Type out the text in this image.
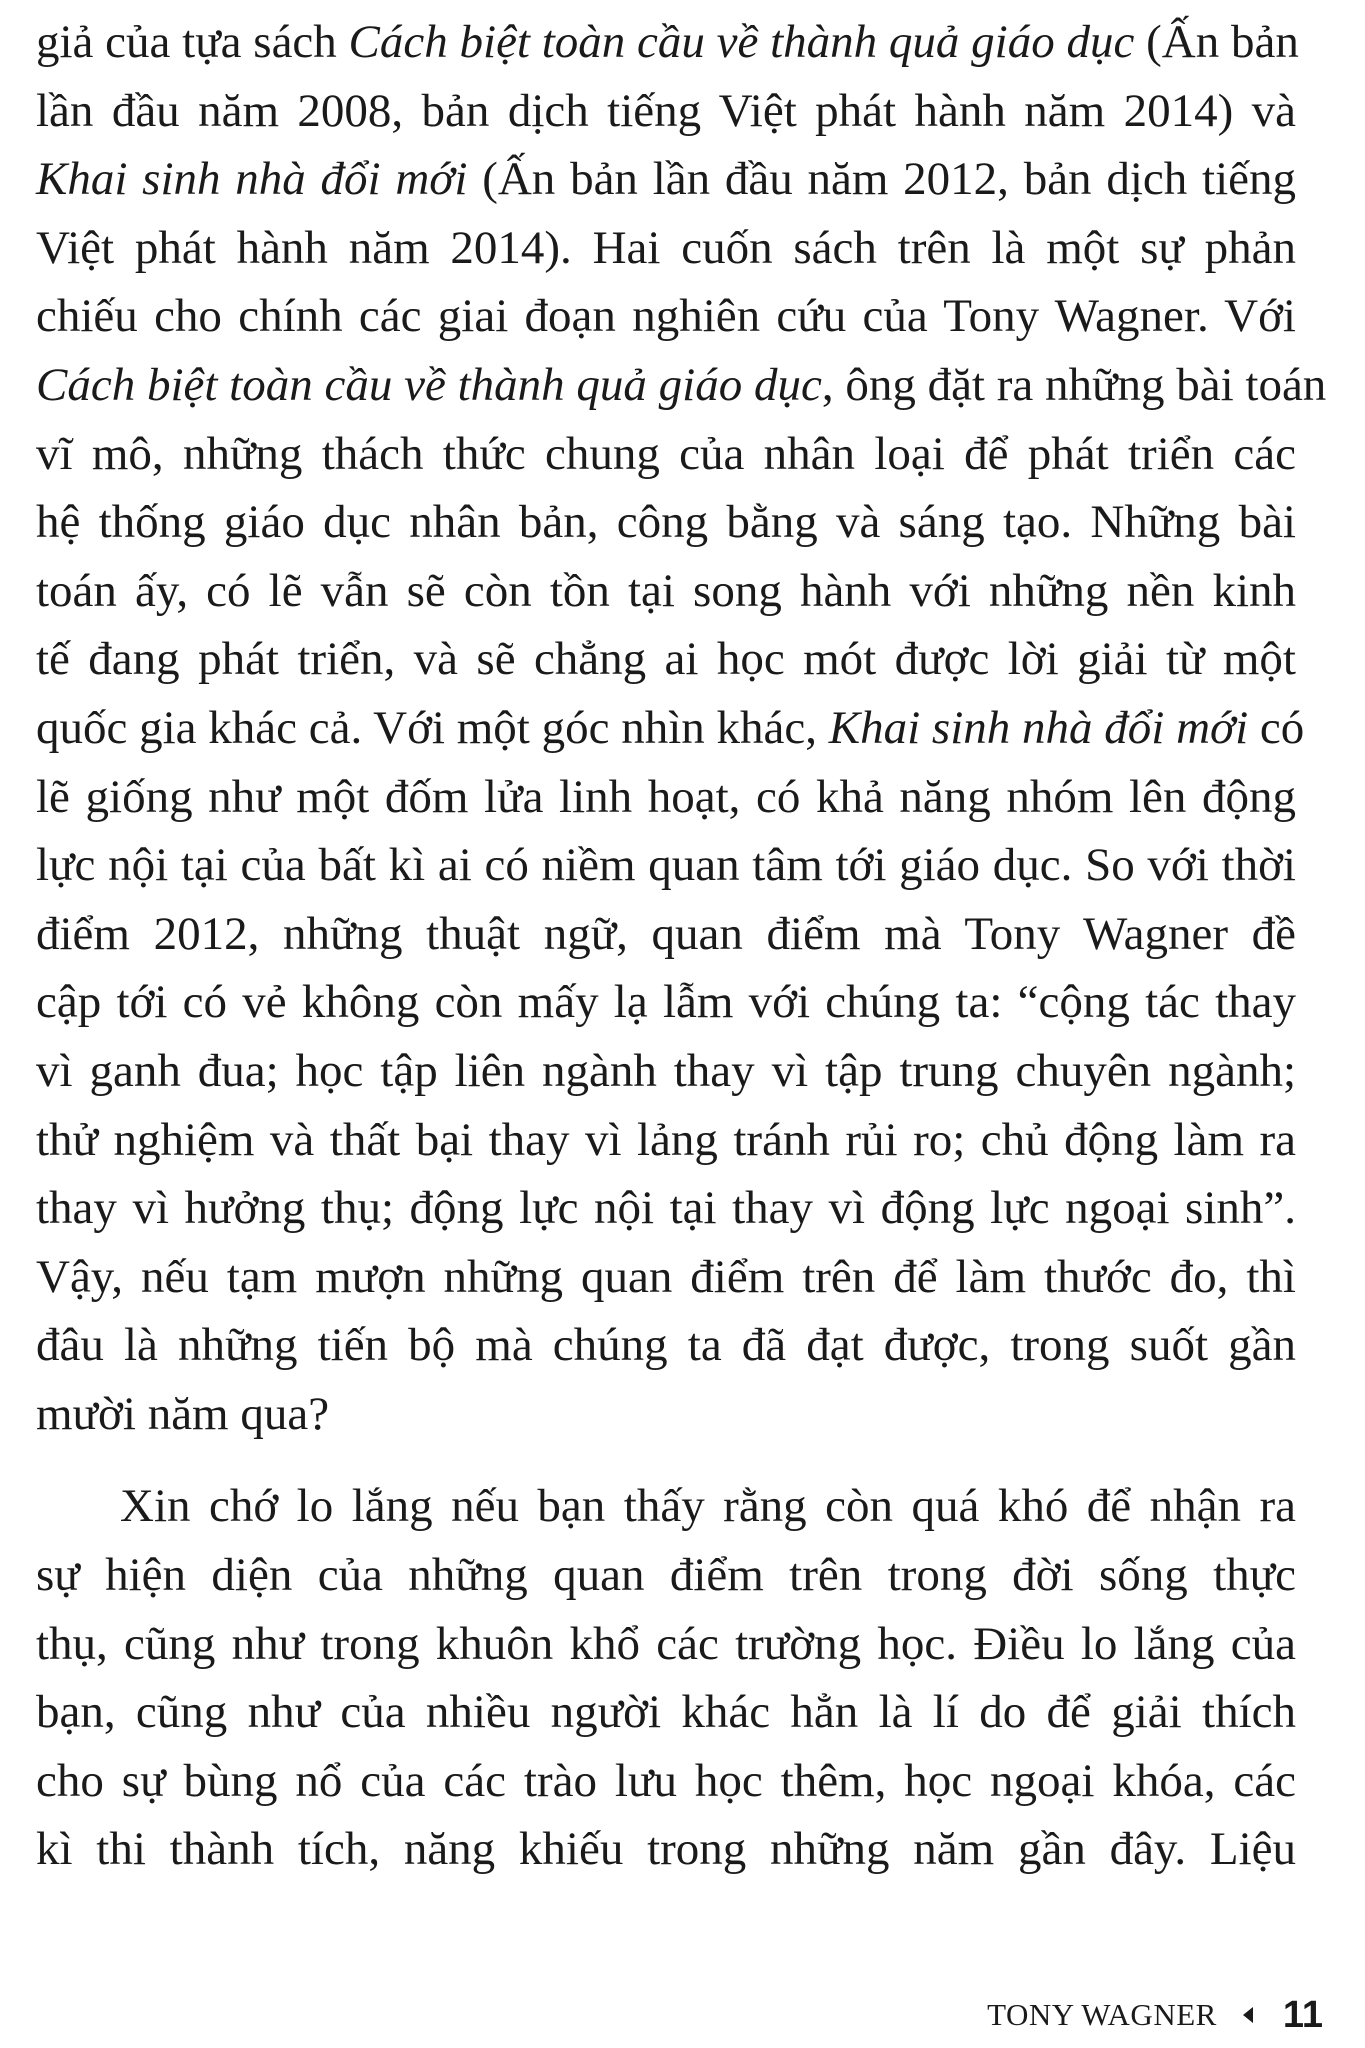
giả của tựa sách Cách biệt toàn cầu về thành quả giáo dục (Ấn bản
lần đầu năm 2008, bản dịch tiếng Việt phát hành năm 2014) và
Khai sinh nhà đổi mới (Ấn bản lần đầu năm 2012, bản dịch tiếng
Việt phát hành năm 2014). Hai cuốn sách trên là một sự phản
chiếu cho chính các giai đoạn nghiên cứu của Tony Wagner. Với
Cách biệt toàn cầu về thành quả giáo dục, ông đặt ra những bài toán
vĩ mô, những thách thức chung của nhân loại để phát triển các
hệ thống giáo dục nhân bản, công bằng và sáng tạo. Những bài
toán ấy, có lẽ vẫn sẽ còn tồn tại song hành với những nền kinh
tế đang phát triển, và sẽ chẳng ai học mót được lời giải từ một
quốc gia khác cả. Với một góc nhìn khác, Khai sinh nhà đổi mới có
lẽ giống như một đốm lửa linh hoạt, có khả năng nhóm lên động
lực nội tại của bất kì ai có niềm quan tâm tới giáo dục. So với thời
điểm 2012, những thuật ngữ, quan điểm mà Tony Wagner đề
cập tới có vẻ không còn mấy lạ lẫm với chúng ta: “cộng tác thay
vì ganh đua; học tập liên ngành thay vì tập trung chuyên ngành;
thử nghiệm và thất bại thay vì lảng tránh rủi ro; chủ động làm ra
thay vì hưởng thụ; động lực nội tại thay vì động lực ngoại sinh”.
Vậy, nếu tạm mượn những quan điểm trên để làm thước đo, thì
đâu là những tiến bộ mà chúng ta đã đạt được, trong suốt gần
mười năm qua?
Xin chớ lo lắng nếu bạn thấy rằng còn quá khó để nhận ra
sự hiện diện của những quan điểm trên trong đời sống thực
thụ, cũng như trong khuôn khổ các trường học. Điều lo lắng của
bạn, cũng như của nhiều người khác hẳn là lí do để giải thích
cho sự bùng nổ của các trào lưu học thêm, học ngoại khóa, các
kì thi thành tích, năng khiếu trong những năm gần đây. Liệu
TONY WAGNER 11
